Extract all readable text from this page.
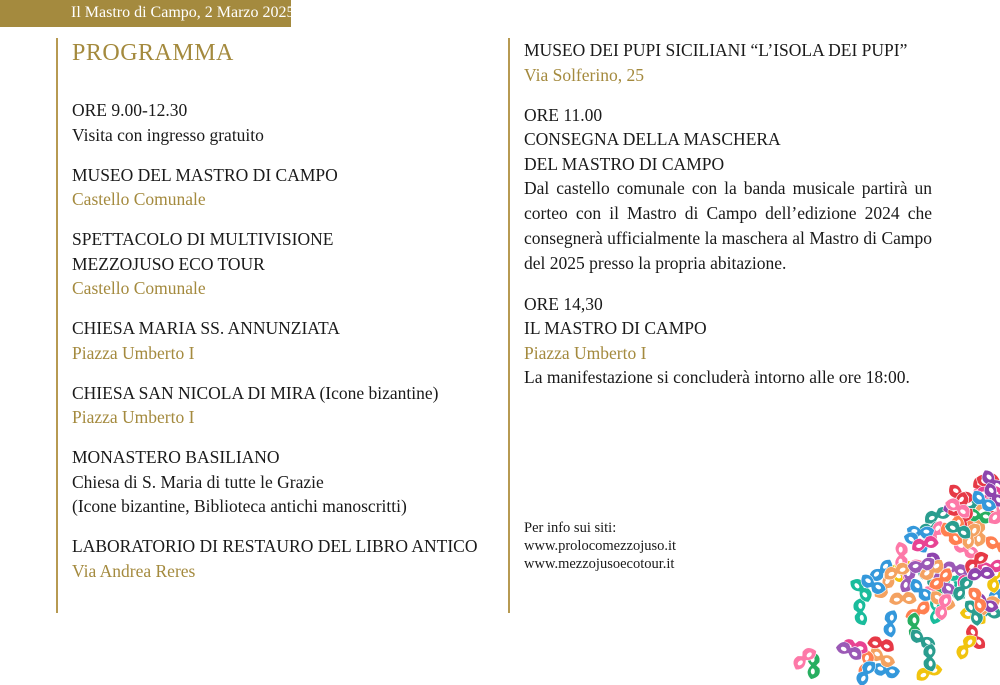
Il Mastro di Campo, 2 Marzo 2025
PROGRAMMA
ORE 9.00-12.30
Visita con ingresso gratuito
MUSEO DEL MASTRO DI CAMPO
Castello Comunale
SPETTACOLO DI MULTIVISIONE
MEZZOJUSO ECO TOUR
Castello Comunale
CHIESA MARIA SS. ANNUNZIATA
Piazza Umberto I
CHIESA SAN NICOLA DI MIRA (Icone bizantine)
Piazza Umberto I
MONASTERO BASILIANO
Chiesa di S. Maria di tutte le Grazie
(Icone bizantine, Biblioteca antichi manoscritti)
LABORATORIO DI RESTAURO DEL LIBRO ANTICO
Via Andrea Reres
MUSEO DEI PUPI SICILIANI “L’ISOLA DEI PUPI”
Via Solferino, 25
ORE 11.00
CONSEGNA DELLA MASCHERA
DEL MASTRO DI CAMPO
Dal castello comunale con la banda musicale partirà un corteo con il Mastro di Campo dell’edizione 2024 che consegnerà ufficialmente la maschera al Mastro di Campo del 2025 presso la propria abitazione.
ORE 14,30
IL MASTRO DI CAMPO
Piazza Umberto I
La manifestazione si concluderà intorno alle ore 18:00.
Per info sui siti:
www.prolocomezzojuso.it
www.mezzojusoecotour.it
